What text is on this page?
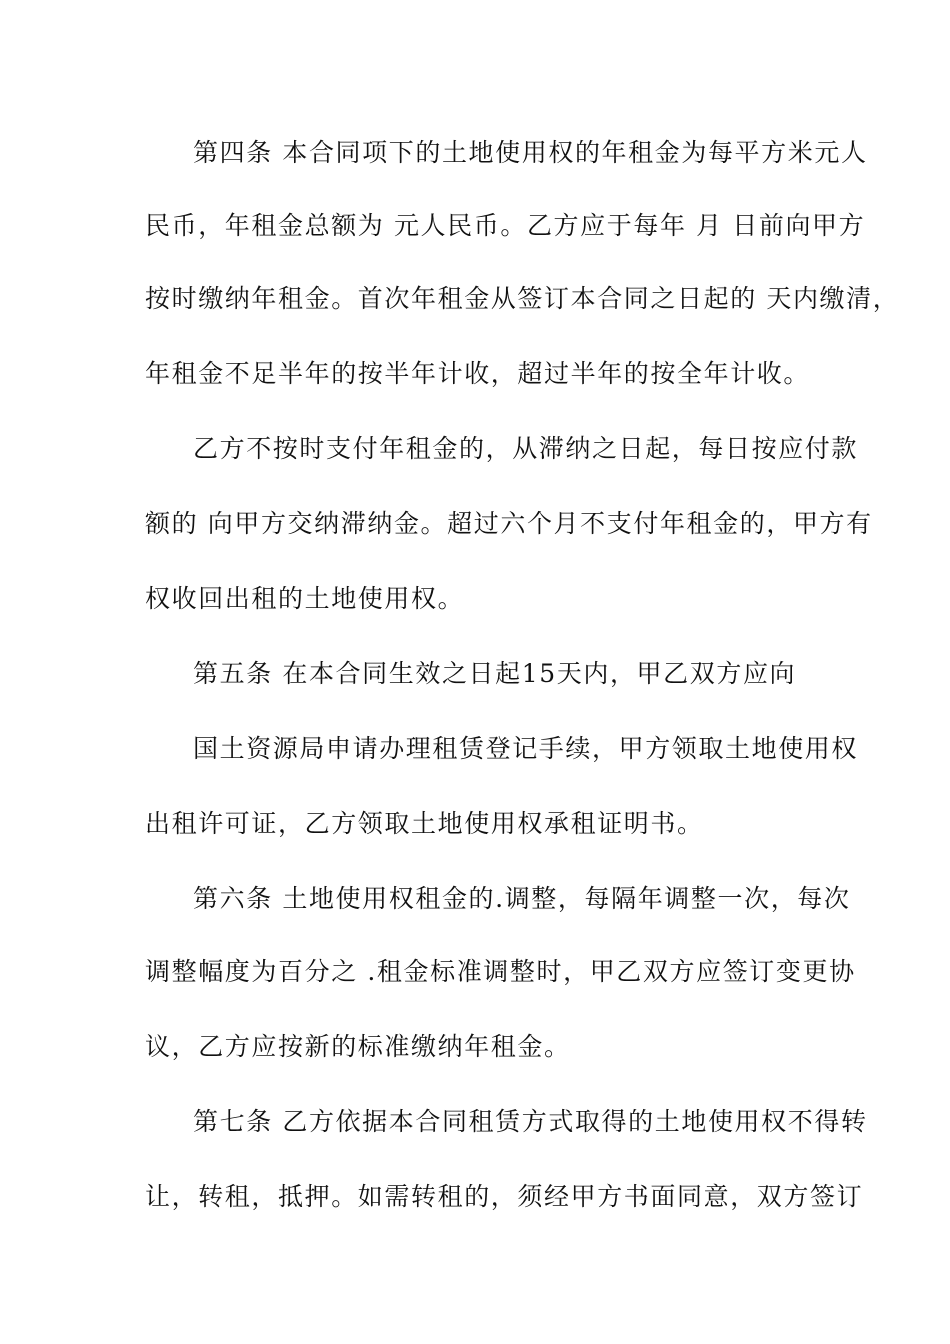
第四条 本合同项下的土地使用权的年租金为每平方米元人
民币，年租金总额为 元人民币。乙方应于每年 月 日前向甲方
按时缴纳年租金。首次年租金从签订本合同之日起的 天内缴清，
年租金不足半年的按半年计收，超过半年的按全年计收。
乙方不按时支付年租金的，从滞纳之日起，每日按应付款
额的 向甲方交纳滞纳金。超过六个月不支付年租金的，甲方有
权收回出租的土地使用权。
第五条 在本合同生效之日起15天内，甲乙双方应向
国土资源局申请办理租赁登记手续，甲方领取土地使用权
出租许可证，乙方领取土地使用权承租证明书。
第六条 土地使用权租金的.调整，每隔年调整一次，每次
调整幅度为百分之 .租金标准调整时，甲乙双方应签订变更协
议，乙方应按新的标准缴纳年租金。
第七条 乙方依据本合同租赁方式取得的土地使用权不得转
让，转租，抵押。如需转租的，须经甲方书面同意，双方签订
